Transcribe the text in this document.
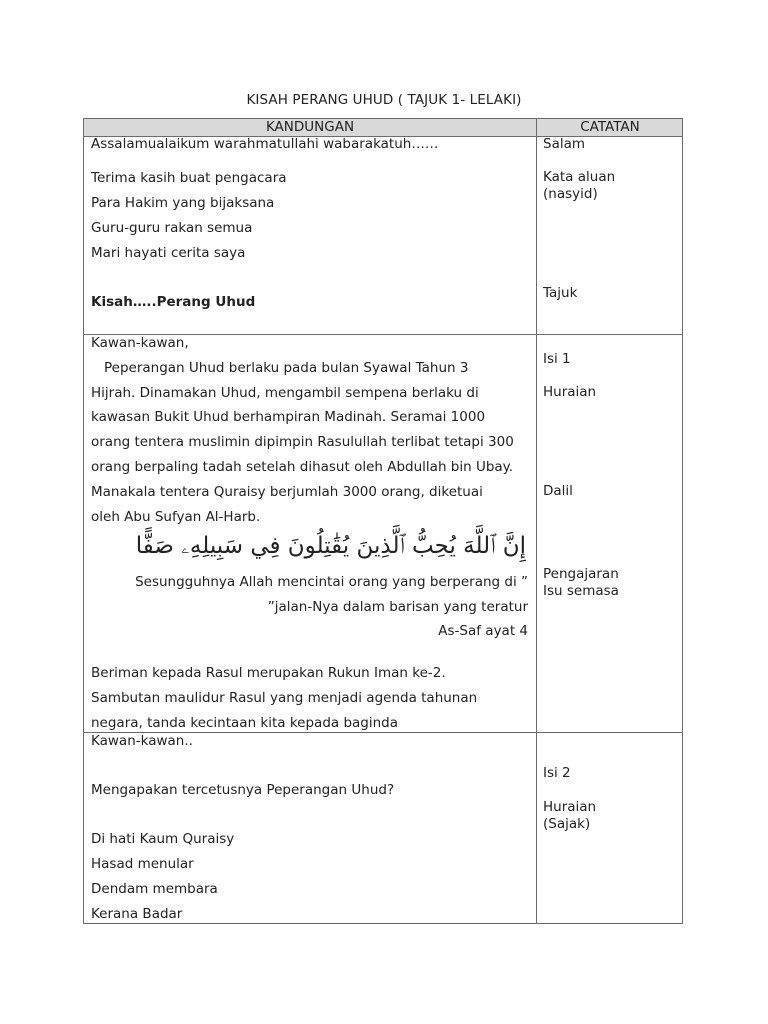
KISAH PERANG UHUD ( TAJUK 1- LELAKI)
KANDUNGAN	CATATAN
Assalamualaikum warahmatullahi wabarakatuh……
Terima kasih buat pengacara
Para Hakim yang bijaksana
Guru-guru rakan semua
Mari hayati cerita saya
Kisah…..Perang Uhud
Salam
Kata aluan
(nasyid)
Tajuk
Kawan-kawan,
Peperangan Uhud berlaku pada bulan Syawal Tahun 3
Hijrah. Dinamakan Uhud, mengambil sempena berlaku di
kawasan Bukit Uhud berhampiran Madinah. Seramai 1000
orang tentera muslimin dipimpin Rasulullah terlibat tetapi 300
orang berpaling tadah setelah dihasut oleh Abdullah bin Ubay.
Manakala tentera Quraisy berjumlah 3000 orang, diketuai
oleh Abu Sufyan Al-Harb.
إِنَّ ٱللَّهَ يُحِبُّ ٱلَّذِينَ يُقَٰتِلُونَ فِي سَبِيلِهِۦ صَفًّا
Sesungguhnya Allah mencintai orang yang berperang di ”
”jalan-Nya dalam barisan yang teratur
As-Saf ayat 4
Beriman kepada Rasul merupakan Rukun Iman ke-2.
Sambutan maulidur Rasul yang menjadi agenda tahunan
negara, tanda kecintaan kita kepada baginda
Isi 1
Huraian
Dalil
Pengajaran
Isu semasa
Kawan-kawan..
Mengapakan tercetusnya Peperangan Uhud?
Di hati Kaum Quraisy
Hasad menular
Dendam membara
Kerana Badar
Isi 2
Huraian
(Sajak)
